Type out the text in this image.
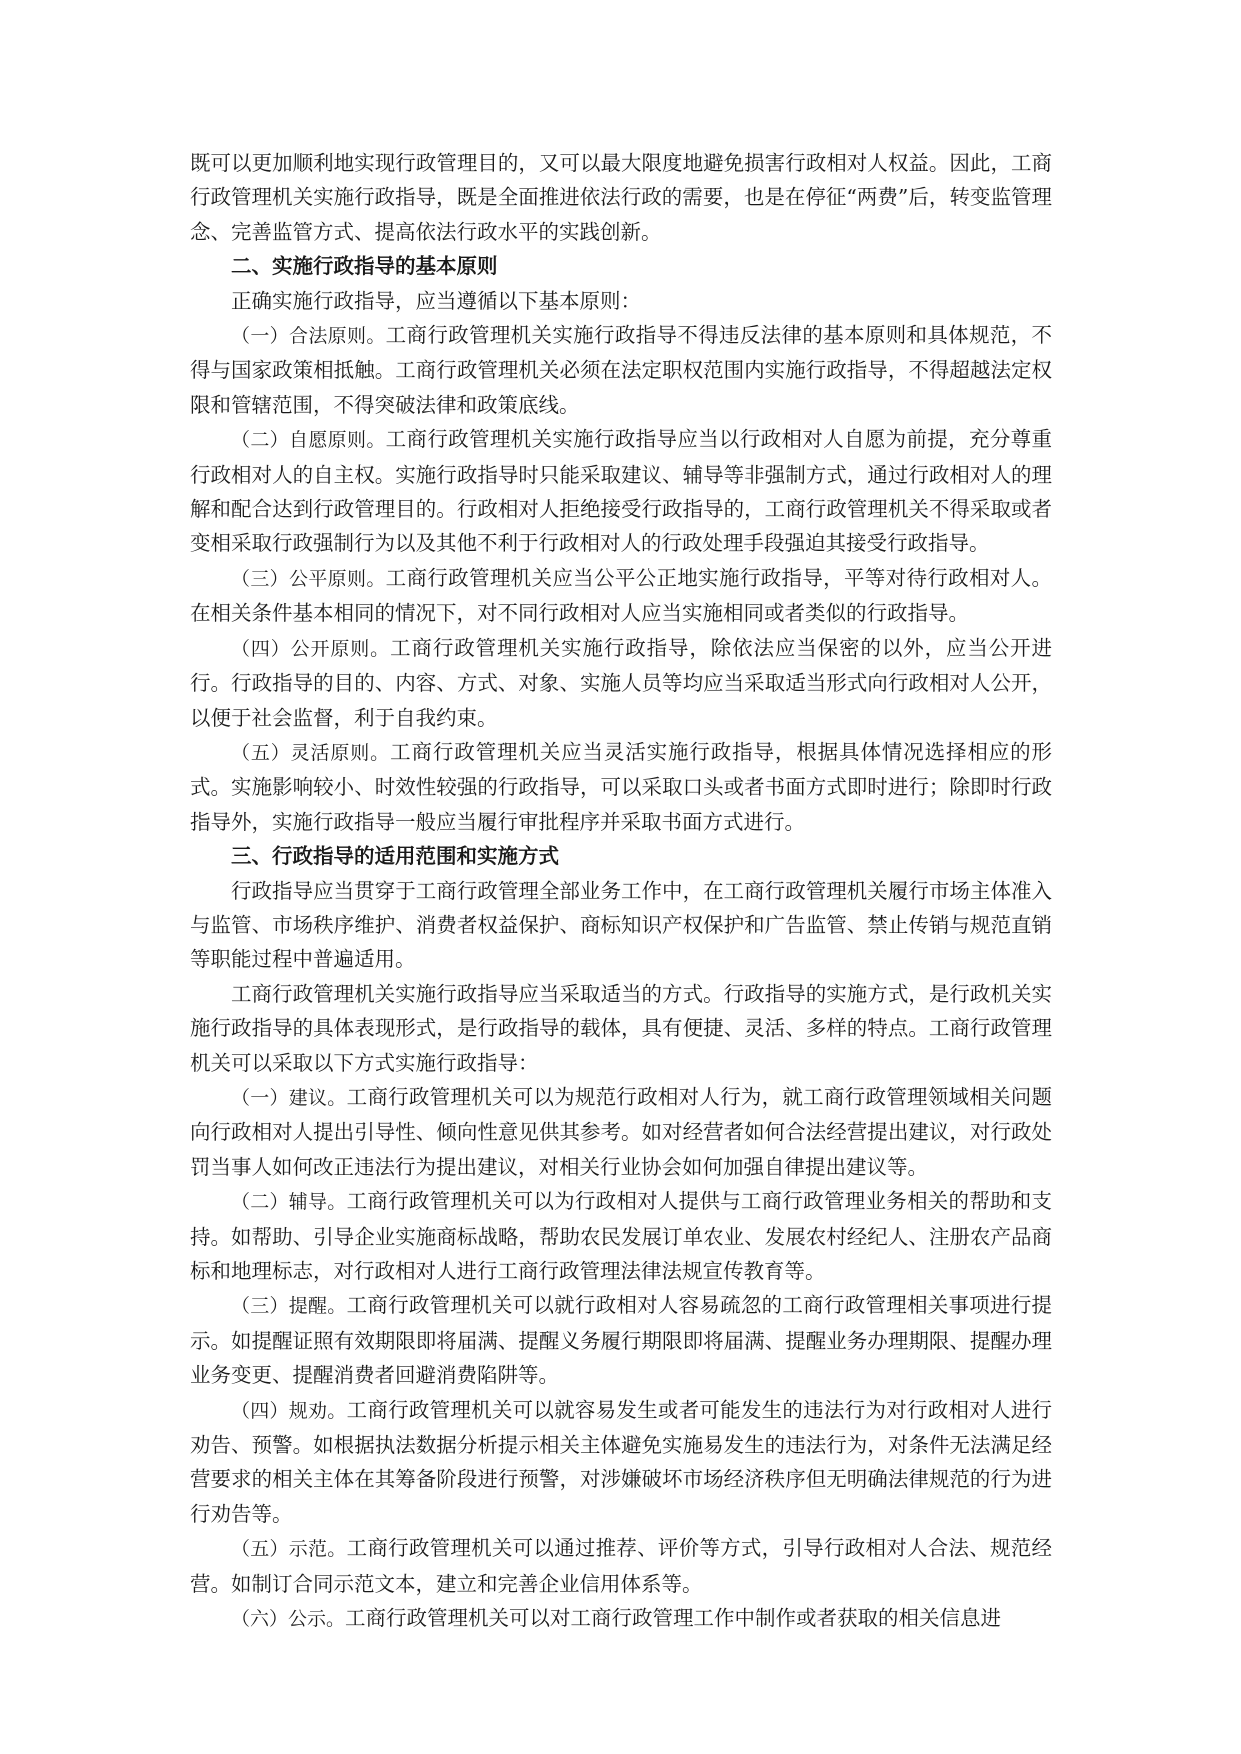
既可以更加顺利地实现行政管理目的，又可以最大限度地避免损害行政相对人权益。因此，工商行政管理机关实施行政指导，既是全面推进依法行政的需要，也是在停征“两费”后，转变监管理念、完善监管方式、提高依法行政水平的实践创新。

二、实施行政指导的基本原则

正确实施行政指导，应当遵循以下基本原则：

（一）合法原则。工商行政管理机关实施行政指导不得违反法律的基本原则和具体规范，不得与国家政策相抵触。工商行政管理机关必须在法定职权范围内实施行政指导，不得超越法定权限和管辖范围，不得突破法律和政策底线。

（二）自愿原则。工商行政管理机关实施行政指导应当以行政相对人自愿为前提，充分尊重行政相对人的自主权。实施行政指导时只能采取建议、辅导等非强制方式，通过行政相对人的理解和配合达到行政管理目的。行政相对人拒绝接受行政指导的，工商行政管理机关不得采取或者变相采取行政强制行为以及其他不利于行政相对人的行政处理手段强迫其接受行政指导。

（三）公平原则。工商行政管理机关应当公平公正地实施行政指导，平等对待行政相对人。在相关条件基本相同的情况下，对不同行政相对人应当实施相同或者类似的行政指导。

（四）公开原则。工商行政管理机关实施行政指导，除依法应当保密的以外，应当公开进行。行政指导的目的、内容、方式、对象、实施人员等均应当采取适当形式向行政相对人公开，以便于社会监督，利于自我约束。

（五）灵活原则。工商行政管理机关应当灵活实施行政指导，根据具体情况选择相应的形式。实施影响较小、时效性较强的行政指导，可以采取口头或者书面方式即时进行；除即时行政指导外，实施行政指导一般应当履行审批程序并采取书面方式进行。

三、行政指导的适用范围和实施方式

行政指导应当贯穿于工商行政管理全部业务工作中，在工商行政管理机关履行市场主体准入与监管、市场秩序维护、消费者权益保护、商标知识产权保护和广告监管、禁止传销与规范直销等职能过程中普遍适用。

工商行政管理机关实施行政指导应当采取适当的方式。行政指导的实施方式，是行政机关实施行政指导的具体表现形式，是行政指导的载体，具有便捷、灵活、多样的特点。工商行政管理机关可以采取以下方式实施行政指导：

（一）建议。工商行政管理机关可以为规范行政相对人行为，就工商行政管理领域相关问题向行政相对人提出引导性、倾向性意见供其参考。如对经营者如何合法经营提出建议，对行政处罚当事人如何改正违法行为提出建议，对相关行业协会如何加强自律提出建议等。

（二）辅导。工商行政管理机关可以为行政相对人提供与工商行政管理业务相关的帮助和支持。如帮助、引导企业实施商标战略，帮助农民发展订单农业、发展农村经纪人、注册农产品商标和地理标志，对行政相对人进行工商行政管理法律法规宣传教育等。

（三）提醒。工商行政管理机关可以就行政相对人容易疏忽的工商行政管理相关事项进行提示。如提醒证照有效期限即将届满、提醒义务履行期限即将届满、提醒业务办理期限、提醒办理业务变更、提醒消费者回避消费陷阱等。

（四）规劝。工商行政管理机关可以就容易发生或者可能发生的违法行为对行政相对人进行劝告、预警。如根据执法数据分析提示相关主体避免实施易发生的违法行为，对条件无法满足经营要求的相关主体在其筹备阶段进行预警，对涉嫌破坏市场经济秩序但无明确法律规范的行为进行劝告等。

（五）示范。工商行政管理机关可以通过推荐、评价等方式，引导行政相对人合法、规范经营。如制订合同示范文本，建立和完善企业信用体系等。

（六）公示。工商行政管理机关可以对工商行政管理工作中制作或者获取的相关信息进
